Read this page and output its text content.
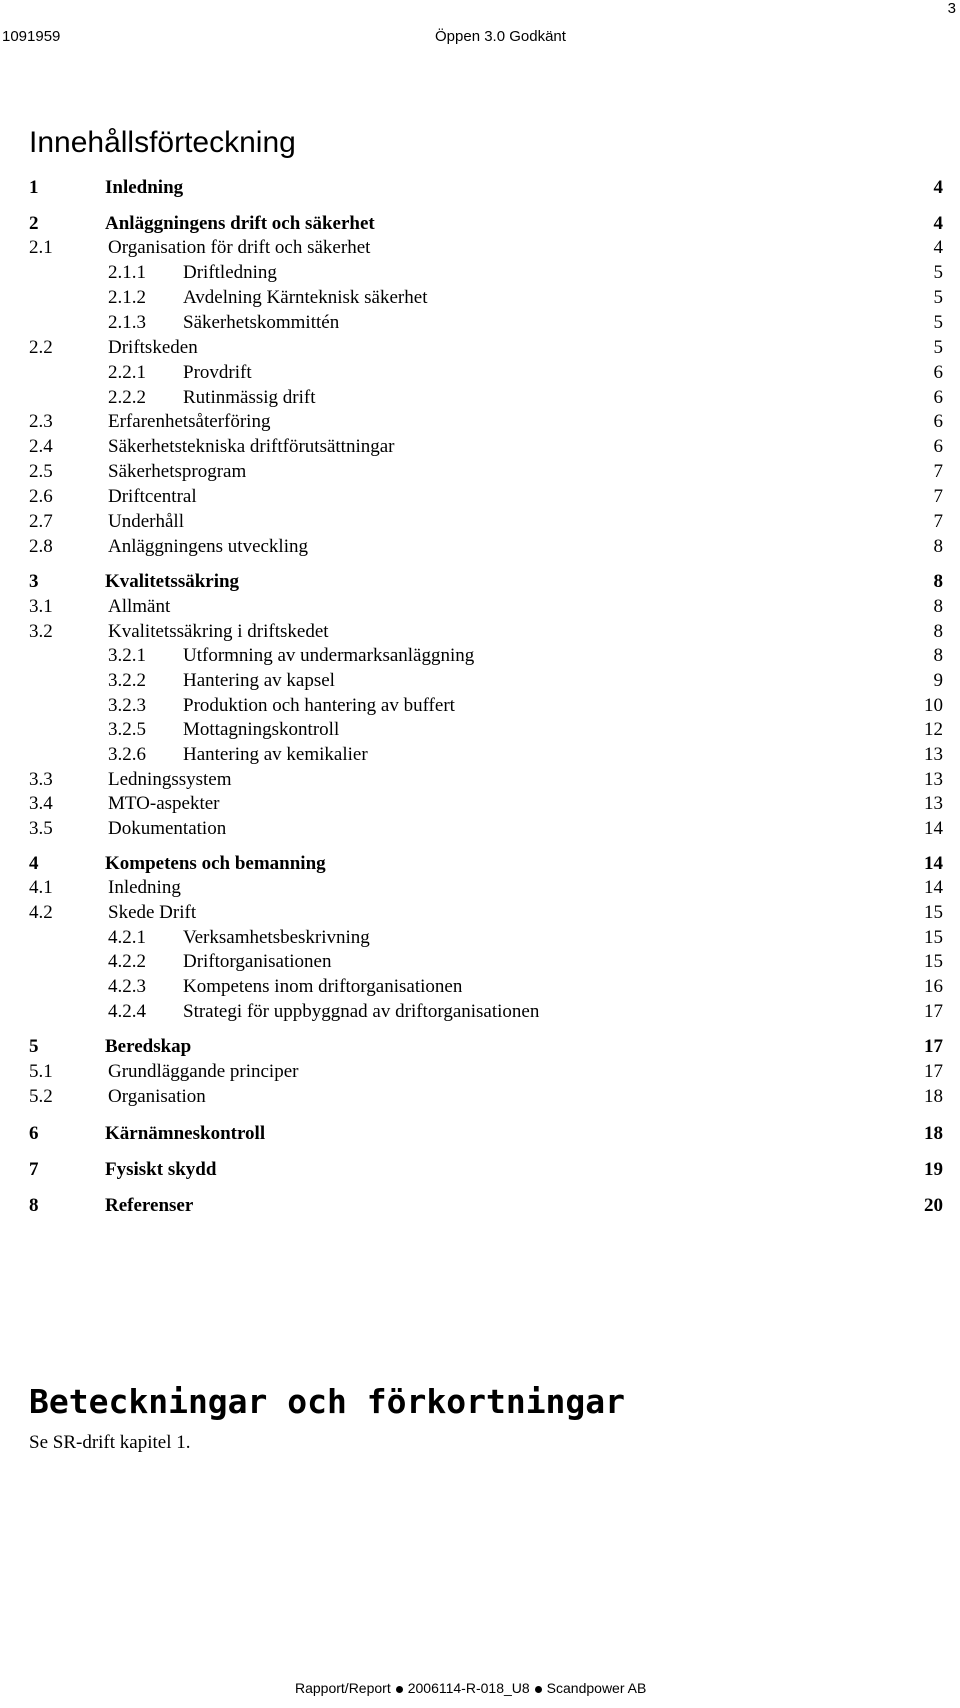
1091959	Öppen 3.0 Godkänt
3
Innehållsförteckning
1	Inledning	4
2	Anläggningens drift och säkerhet	4
2.1	Organisation för drift och säkerhet	4
2.1.1 Driftledning	5
2.1.2 Avdelning Kärnteknisk säkerhet	5
2.1.3 Säkerhetskommittén	5
2.2	Driftskeden	5
2.2.1 Provdrift	6
2.2.2 Rutinmässig drift	6
2.3	Erfarenhetsåterföring	6
2.4	Säkerhetstekniska driftförutsättningar	6
2.5	Säkerhetsprogram	7
2.6	Driftcentral	7
2.7	Underhåll	7
2.8	Anläggningens utveckling	8
3	Kvalitetssäkring	8
3.1	Allmänt	8
3.2	Kvalitetssäkring i driftskedet	8
3.2.1 Utformning av undermarksanläggning	8
3.2.2 Hantering av kapsel	9
3.2.3 Produktion och hantering av buffert	10
3.2.5 Mottagningskontroll	12
3.2.6 Hantering av kemikalier	13
3.3	Ledningssystem	13
3.4	MTO-aspekter	13
3.5	Dokumentation	14
4	Kompetens och bemanning	14
4.1	Inledning	14
4.2	Skede Drift	15
4.2.1 Verksamhetsbeskrivning	15
4.2.2 Driftorganisationen	15
4.2.3 Kompetens inom driftorganisationen	16
4.2.4 Strategi för uppbyggnad av driftorganisationen	17
5	Beredskap	17
5.1	Grundläggande principer	17
5.2	Organisation	18
6	Kärnämneskontroll	18
7	Fysiskt skydd	19
8	Referenser	20
Beteckningar och förkortningar

Se SR-drift kapitel 1.

Rapport/Report 2006114-R-018_U8 Scandpower AB
